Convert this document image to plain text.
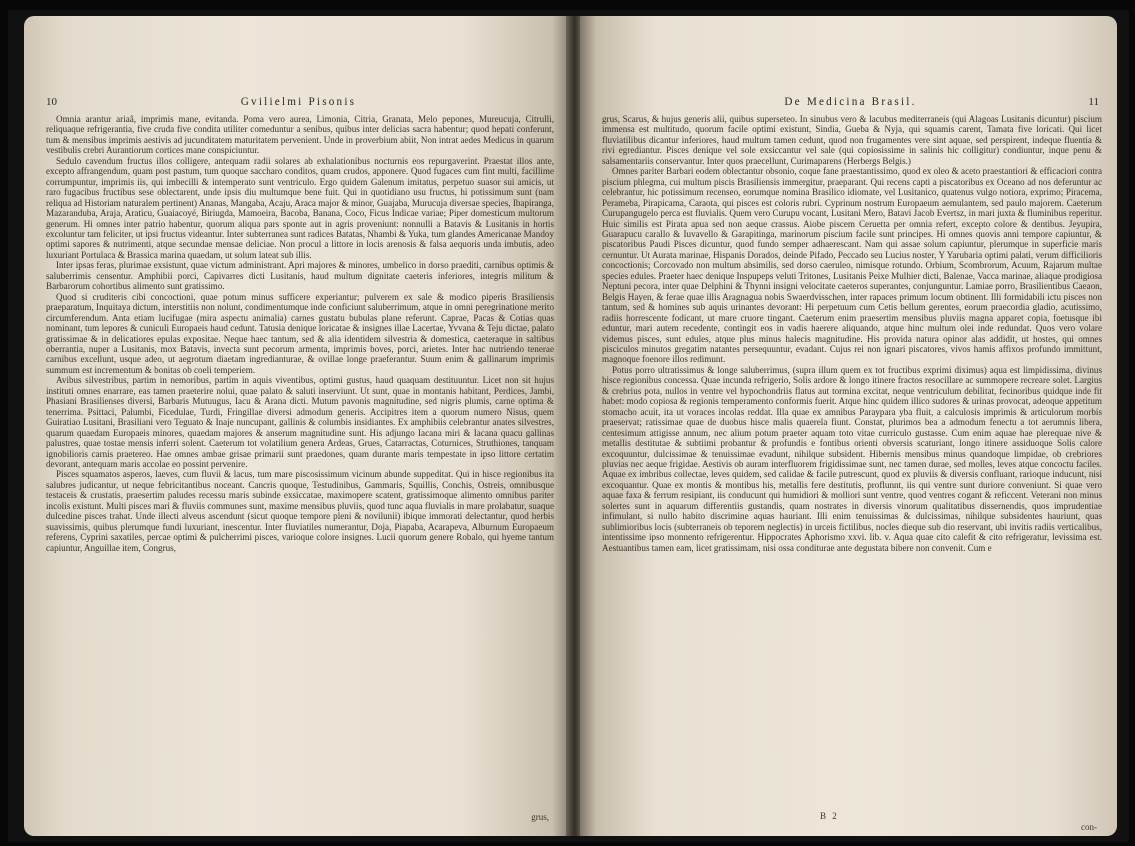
10	Gvilielmi Pisonis

Omnia arantur ariaâ, imprimis mane, evitanda. Poma vero aurea, Limonia, Citria, Granata, Melo pepones, Mureucuja, Citrulli, reliquaque refrigerantia, five cruda five condita utiliter comeduntur a senibus, quibus inter delicias sacra habentur; quod hepati conferunt, tum & mensibus imprimis aestivis ad jucunditatem maturitatem pervenient. Unde in proverbium abiit, Non intrat aedes Medicus in quarum vestibulis crebri Aurantiorum cortices mane conspiciuntur.

Sedulo cavendum fructus illos colligere, antequam radii solares ab exhalationibus nocturnis eos repurgaverint. Praestat illos ante, excepto affrangendum, quam post pastum, tum quoque saccharo conditos, quam crudos, apponere. Quod fugaces cum fint multi, facillime corrumpuntur, imprimis iis, qui imbecilli & intemperato sunt ventriculo. Ergo quidem Galenum imitatus, perpetuo suasor sui amicis, ut raro fugacibus fructibus sese oblectarent, unde ipsis diu multumque bene fuit. Qui in quotidiano usu fructus, hi potissimum sunt (nam reliqua ad Historiam naturalem pertinent) Ananas, Mangaba, Acaju, Araca major & minor, Guajaba, Murucuja diversae species, Ibapiranga, Mazaranduba, Araja, Araticu, Guaiacoyé, Biriugda, Mamoeira, Bacoba, Banana, Coco, Ficus Indicae variae; Piper domesticum multorum generum. Hi omnes inter patrio habentur, quorum aliqua pars sponte aut in agris proveniunt: nonnulli a Batavis & Lusitanis in hortis excoluntur tam feliciter, ut ipsi fructus videantur. Inter subterranea sunt radices Batatas, Nhambi & Yuka, tum glandes Americanae Mandoy optimi sapores & nutrimenti, atque secundae mensae deliciae. Non procul a littore in locis arenosis & falsa aequoris unda imbutis, adeo luxuriant Portulaca & Brassica marina quaedam, ut solum lateat sub illis.

Inter ipsas feras, plurimae exsistunt, quae victum administrant. Apri majores & minores, umbelico in dorso praediti, carnibus optimis & saluberrimis censentur. Amphibii porci, Capivarres dicti Lusitanis, haud multum dignitate caeteris inferiores, integris militum & Barbarorum cohortibus alimento sunt gratissimo.

Quod si cruditeris cibi concoctioni, quae potum minus sufficere experiantur; pulverem ex sale & modico piperis Brasiliensis praeparatum, Inquitaya dictum, interstitiis non nolunt, condimentumque inde conficiunt saluberrimum, atque in omni peregrinatione merito circumferendum. Anta etiam lucifugae (mira aspectu animalia) carnes gustatu bubulas plane referunt. Caprae, Pacas & Cotias quas nominant, tum lepores & cuniculi Europaeis haud cedunt. Tatusia denique loricatae & insignes illae Lacertae, Yvvana & Teju dictae, palato gratissimae & in delicatiores epulas expositae. Neque haec tantum, sed & alia identidem silvestria & domestica, caeteraque in saltibus oberrantia, nuper a Lusitanis, mox Batavis, invecta sunt pecorum armenta, imprimis boves, porci, arietes. Inter hac nutriendo tenerae carnibus excellunt, usque adeo, ut aegrotum diaetam ingredianturae, & ovillae longe praeferantur. Suum enim & gallinarum imprimis summum est incrementum & bonitas ob coeli temperiem.

Avibus silvestribus, partim in nemoribus, partim in aquis viventibus, optimi gustus, haud quaquam destituuntur. Licet non sit hujus instituti omnes enarrare, eas tamen praeterire nolui, quae palato & saluti inserviunt. Ut sunt, quae in montanis habitant, Perdices, Jambi, Phasiani Brasilienses diversi, Barbaris Mutuugus, Iacu & Arana dicti. Mutum pavonis magnitudine, sed nigris plumis, carne optima & tenerrima. Psittaci, Palumbi, Ficedulae, Turdi, Fringillae diversi admodum generis. Accipitres item a quorum numero Nisus, quem Guiratiao Lusitani, Brasiliani vero Teguato & Inaje nuncupant, gallinis & columbis insidiantes. Ex amphibiis celebrantur anates silvestres, quarum quaedam Europaeis minores, quaedam majores & anserum magnitudine sunt. His adjungo Iacana miri & Iacana quacu gallinas palustres, quae tostae mensis inferri solent. Caeterum tot volatilium genera Ardeas, Grues, Catarractas, Coturnices, Struthiones, tanquam ignobilioris carnis praetereo. Hae omnes ambae grisae primarii sunt praedones, quam durante maris tempestate in ipso littore certatim devorant, antequam maris accolae eo possint pervenire.

Pisces squamatos asperos, laeves, cum fluvii & lacus, tum mare piscosissimum vicinum abunde suppeditat. Qui in hisce regionibus ita salubres judicantur, ut neque febricitantibus noceant. Cancris quoque, Testudinibus, Gammaris, Squillis, Conchis, Ostreis, omnibusque testaceis & crustatis, praesertim paludes recessu maris subinde exsiccatae, maximopere scatent, gratissimoque alimento omnibus pariter incolis existunt. Multi pisces mari & fluviis communes sunt, maxime mensibus pluviis, quod tunc aqua fluvialis in mare prolabatur, suaque dulcedine pisces trahat. Unde illecti alveus ascendunt (sicut quoque tempore pleni & novilunii) ibique immorati delectantur, quod herbis suavissimis, quibus plerumque fundi luxuriant, inescentur. Inter fluviatiles numerantur, Doja, Piapaba, Acarapeva, Alburnum Europaeum referens, Cyprini saxatiles, percae optimi & pulcherrimi pisces, varioque colore insignes. Lucii quorum genere Robalo, qui hyeme tantum capiuntur, Anguillae item, Congrus,

grus,
De Medicina Brasil.	11

grus, Scarus, & hujus generis alii, quibus superseteo. In sinubus vero & lacubus mediterraneis (qui Alagoas Lusitanis dicuntur) piscium immensa est multitudo, quorum facile optimi existunt, Sindia, Gueba & Nyja, qui squamis carent, Tamata five loricati. Qui licet fluviatilibus dicantur inferiores, haud multum tamen cedunt, quod non frugamentes vere sint aquae, sed perspirent, indeque fluentia & rivi egrediantur. Pisces denique vel sole exsiccantur vel sale (qui copiosissime in salinis hic colligitur) condiuntur, inque penu & salsamentariis conservantur. Inter quos praecellunt, Curimaparens (Herbergs Belgis.)

Omnes pariter Barbari eodem oblectantur obsonio, coque fane praestantissimo, quod ex oleo & aceto praestantiori & efficaciori contra piscium phlegma, cui multum piscis Brasiliensis immergitur, praeparant. Qui recens capti a piscatoribus ex Oceano ad nos deferuntur ac celebrantur, hic potissimum recenseo, eorumque nomina Brasilico idiomate, vel Lusitanico, quatenus vulgo notiora, exprimo; Piracema, Perameba, Pirapicama, Caraota, qui pisces est coloris rubri. Cyprinum nostrum Europaeum aemulantem, sed paulo majorem. Caeterum Curupangugelo perca est fluvialis. Quem vero Curupu vocant, Lusitani Mero, Batavi Jacob Evertsz, in mari juxta & fluminibus reperitur. Huic similis est Pirata apua sed non aeque crassus. Aiobe piscem Ceruetta per omnia refert, excepto colore & dentibus. Jeyupira, Guarapucu carallo & Iuvavello & Garapitinga, marinorum piscium facile sunt principes. Hi omnes quovis anni tempore capiuntur, & piscatoribus Paudi Pisces dicuntur, quod fundo semper adhaerescant. Nam qui assae solum capiuntur, plerumque in superficie maris cernuntur. Ut Aurata marinae, Hispanis Dorados, deinde Pifado, Peccado seu Lucius noster, Y Yarubaria optimi palati, verum difficilioris concoctionis; Corcovado non multum absimilis, sed dorso caeruleo, nimisque rotundo. Orbium, Scombrorum, Acuum, Rajarum multae species edules. Praeter haec denique Inspupeps veluti Tritones, Lusitanis Peixe Mulhier dicti, Balenae, Vacca marinae, aliaque prodigiosa Neptuni pecora, inter quae Delphini & Thynni insigni velocitate caeteros superantes, conjunguntur. Lamiae porro, Brasilientibus Caeaon, Belgis Hayen, & ferae quae illis Aragnagua nobis Swaerdvisschen, inter rapaces primum locum obtinent. Illi formidabili ictu pisces non tantum, sed & homines sub aquis urinantes devorant: Hi perpetuum cum Cetis bellum gerentes, eorum praecordia gladio, acutissimo, radiis horrescente fodicant, ut mare cruore tingant. Caeterum enim praesertim mensibus pluviis magna apparet copia, foetusque ibi eduntur, mari autem recedente, contingit eos in vadis haerere aliquando, atque hinc multum olei inde redundat. Quos vero volare videmus pisces, sunt edules, atque plus minus halecis magnitudine. His provida natura opinor alas addidit, ut hostes, qui omnes pisciculos minutos gregatim natantes persequuntur, evadant. Cujus rei non ignari piscatores, vivos hamis affixos profundo immittunt, magnoque foenore illos redimunt.

Potus porro ultratissimus & longe saluberrimus, (supra illum quem ex tot fructibus exprimi diximus) aqua est limpidissima, divinus hisce regionibus concessa. Quae incunda refrigerio, Solis ardore & longo itinere fractos resocillare ac summopere recreare solet. Largius & crebrius pota, nullos in ventre vel hypochondriis flatus aut tormina excitat, neque ventriculum debilitat, fecinoribus quidque inde fit habet: modo copiosa & regionis temperamento conformis fuerit. Atque hinc quidem illico sudores & urinas provocat, adeoque appetitum stomacho acuit, ita ut voraces incolas reddat. Illa quae ex amnibus Paraypara yba fluit, a calculosis imprimis & articulorum morbis praeservat; ratissimae quae de duobus hisce malis quaerela fiunt. Constat, plurimos bea a admodum fenectu a tot aerumnis libera, centesimum attigisse annum, nec alium potum praeter aquam toto vitae curriculo gustasse. Cum enim aquae hae plerequae nive & metallis destitutae & subtiimi probantur & profundis e fontibus orienti obversis scaturiant, longo itinere assiduoque Solis calore excoquuntur, dulcissimae & tenuissimae evadunt, nihilque subsident. Hibernis mensibus minus quandoque limpidae, ob crebriores pluvias nec aeque frigidae. Aestivis ob auram interfluorem frigidissimae sunt, nec tamen durae, sed molles, leves atque concoctu faciles. Aquae ex imbribus collectae, leves quidem, sed calidae & facile putrescunt, quod ex pluviis & diversis confluant, rarioque inducunt, nisi excoquantur. Quae ex montis & montibus his, metallis fere destitutis, proflunnt, iis qui ventre sunt duriore conveniunt. Si quae vero aquae faxa & ferrum resipiant, iis conducunt qui humidiori & molliori sunt ventre, quod ventres cogant & reficcent. Veterani non minus solertes sunt in aquarum differentiis gustandis, quam nostrates in diversis vinorum qualitatibus dissernendis, quos imprudentiae infimulant, si nullo habito discrimine aquas hauriant. Illi enim tenuissimas & dulcissimas, nihilque subsidentes hauriunt, quas sublimioribus locis (subterraneis ob teporem neglectis) in urceis fictilibus, nocles dieque sub dio reservant, ubi invitis radiis verticalibus, intentissime ipso monnento refrigerentur. Hippocrates Aphorismo xxvi. lib. v. Aqua quae cito calefit & cito refrigeratur, levissima est. Aestuantibus tamen eam, licet gratissimam, nisi ossa conditurae ante degustata bibere non convenit. Cum e

B 2
con-
